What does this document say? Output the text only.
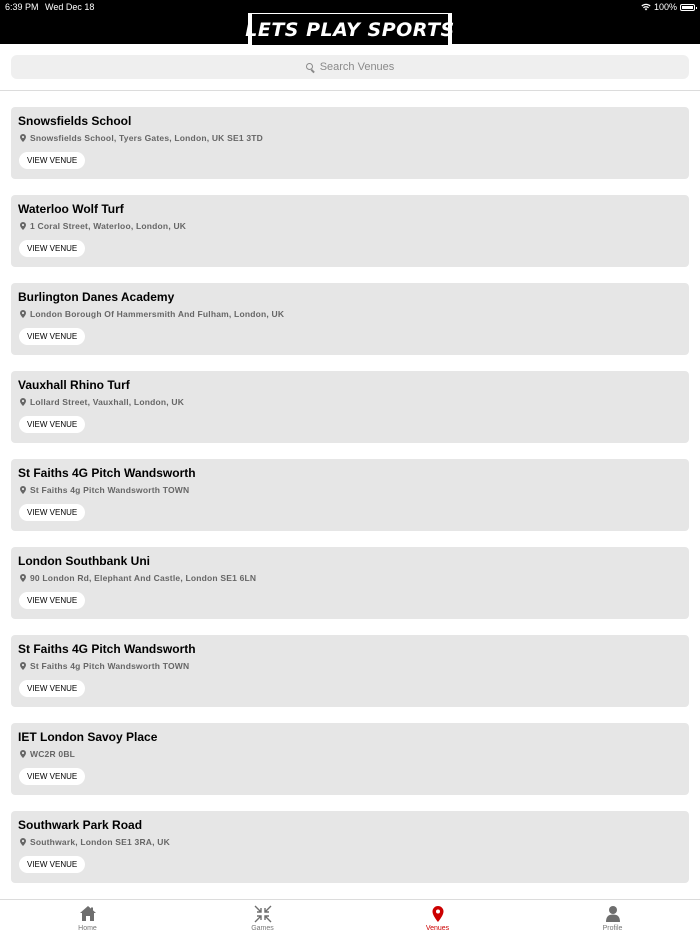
6:39 PM Wed Dec 18	100%
LETS PLAY SPORTS
Search Venues
Snowsfields School
Snowsfields School, Tyers Gates, London, UK SE1 3TD
VIEW VENUE
Waterloo Wolf Turf
1 Coral Street, Waterloo, London, UK
VIEW VENUE
Burlington Danes Academy
London Borough Of Hammersmith And Fulham, London, UK
VIEW VENUE
Vauxhall Rhino Turf
Lollard Street, Vauxhall, London, UK
VIEW VENUE
St Faiths 4G Pitch Wandsworth
St Faiths 4g Pitch Wandsworth TOWN
VIEW VENUE
London Southbank Uni
90 London Rd, Elephant And Castle, London SE1 6LN
VIEW VENUE
St Faiths 4G Pitch Wandsworth
St Faiths 4g Pitch Wandsworth TOWN
VIEW VENUE
IET London Savoy Place
WC2R 0BL
VIEW VENUE
Southwark Park Road
Southwark, London SE1 3RA, UK
VIEW VENUE
Home	Games	Venues	Profile
